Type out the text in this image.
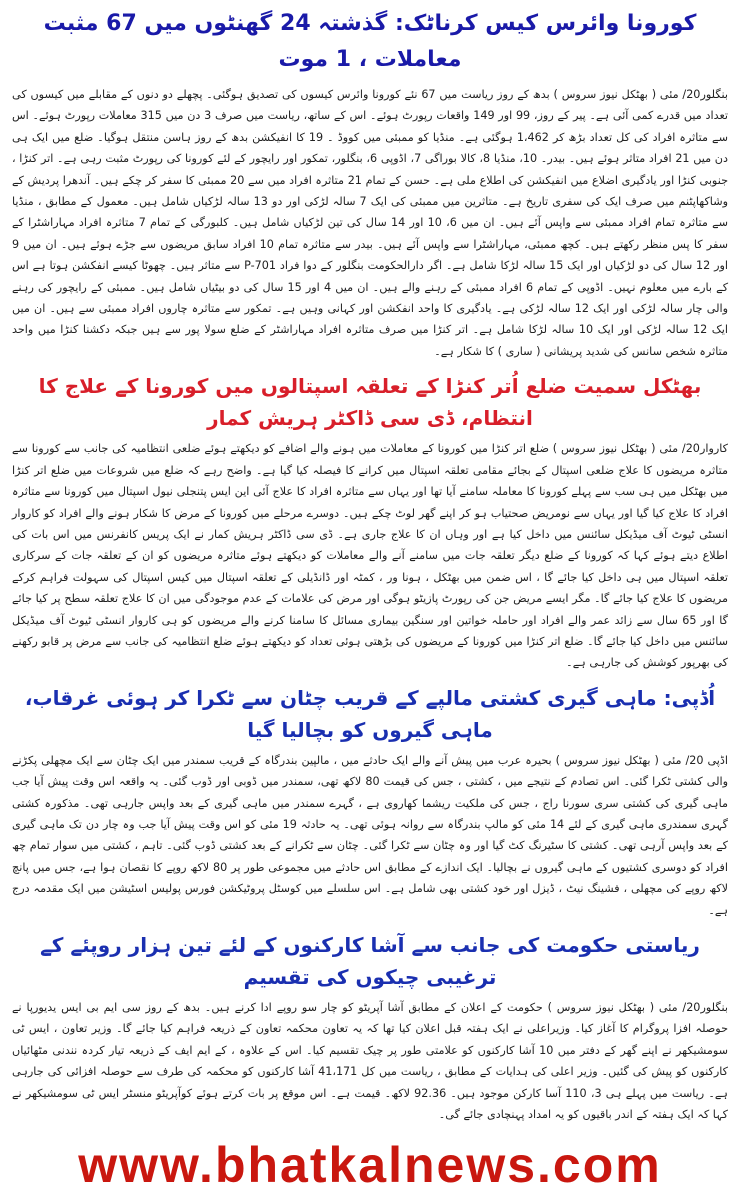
کورونا وائرس کیس کرناٹک: گذشتہ 24 گھنٹوں میں 67 مثبت معاملات ، 1 موت

بنگلور20/ مئی ( بھٹکل نیوز سروس ) بدھ کے روز ریاست میں 67 نئے کورونا وائرس کیسوں کی تصدیق ہوگئی۔ پچھلے دو دنوں کے مقابلے میں کیسوں کی تعداد میں قدرے کمی آئی ہے۔ پیر کے روز، 99 اور 149 واقعات رپورٹ ہوئے۔ اس کے ساتھ، ریاست میں صرف 3 دن میں 315 معاملات رپورٹ ہوئے۔ اس سے متاثرہ افراد کی کل تعداد بڑھ کر 1،462 ہوگئی ہے۔ منڈیا کو ممبئی میں کووڈ ۔ 19 کا انفیکشن بدھ کے روز ہاسن منتقل ہوگیا۔ ضلع میں ایک ہی دن میں 21 افراد متاثر ہوئے ہیں۔ بیدر۔ 10، منڈیا 8، کالا بوراگی 7، اڈوپی 6، بنگلور، تمکور اور رایچور کے لئے کورونا کی رپورٹ مثبت رہی ہے۔ اتر کنڑا ، جنوبی کنڑا اور یادگیری اضلاع میں انفیکشن کی اطلاع ملی ہے۔ حسن کے تمام 21 متاثرہ افراد میں سے 20 ممبئی کا سفر کر چکے ہیں۔ آندھرا پردیش کے وشاکھاپٹنم میں صرف ایک کی سفری تاریخ ہے۔ متاثرین میں ممبئی کی ایک 7 سالہ لڑکی اور دو 13 سالہ لڑکیاں شامل ہیں۔ معمول کے مطابق ، منڈیا سے متاثرہ تمام افراد ممبئی سے واپس آئے ہیں۔ ان میں 6، 10 اور 14 سال کی تین لڑکیاں شامل ہیں۔ کلبورگی کے تمام 7 متاثرہ افراد مہاراشٹرا کے سفر کا پس منظر رکھتے ہیں۔ کچھ ممبئی، مہاراشٹرا سے واپس آئے ہیں۔ بیدر سے متاثرہ تمام 10 افراد سابق مریضوں سے جڑے ہوئے ہیں۔ ان میں 9 اور 12 سال کی دو لڑکیاں اور ایک 15 سالہ لڑکا شامل ہے۔ اگر دارالحکومت بنگلور کے دوا فراد P-701 سے متاثر ہیں۔ چھوٹا کیسے انفکشن ہوتا ہے اس کے بارے میں معلوم نہیں۔ اڈوپی کے تمام 6 افراد ممبئی کے رہنے والے ہیں۔ ان میں 4 اور 15 سال کی دو بیٹیاں شامل ہیں۔ ممبئی کے رایچور کی رہنے والی چار سالہ لڑکی اور ایک 12 سالہ لڑکی ہے۔ یادگیری کا واحد انفکشن اور کہانی وہیں ہے۔ تمکور سے متاثرہ چاروں افراد ممبئی سے ہیں۔ ان میں ایک 12 سالہ لڑکی اور ایک 10 سالہ لڑکا شامل ہے۔ اتر کنڑا میں صرف متاثرہ افراد مہاراشٹر کے ضلع سولا پور سے ہیں جبکہ دکشنا کنڑا میں واحد متاثرہ شخص سانس کی شدید پریشانی ( ساری ) کا شکار ہے۔

بھٹکل سمیت ضلع اُتر کنڑا کے تعلقہ اسپتالوں میں کورونا کے علاج کا انتظام، ڈی سی ڈاکٹر ہریش کمار

کاروار20/ مئی ( بھٹکل نیوز سروس ) ضلع اتر کنڑا میں کورونا کے معاملات میں ہونے والے اضافے کو دیکھتے ہوئے ضلعی انتظامیہ کی جانب سے کورونا سے متاثرہ مریضوں کا علاج ضلعی اسپتال کے بجائے مقامی تعلقہ اسپتال میں کرانے کا فیصلہ کیا گیا ہے۔ واضح رہے کہ ضلع میں شروعات میں ضلع اتر کنڑا میں بھٹکل میں ہی سب سے پہلے کورونا کا معاملہ سامنے آیا تھا اور یہاں سے متاثرہ افراد کا علاج آئی این ایس پتنجلی نیول اسپتال میں کورونا سے متاثرہ افراد کا علاج کیا گیا اور یہاں سے نومریض صحتیاب ہو کر اپنے گھر لوٹ چکے ہیں۔ دوسرے مرحلے میں کورونا کے مرض کا شکار ہونے والے افراد کو کاروار انسٹی ٹیوٹ آف میڈیکل سائنس میں داخل کیا ہے اور وہاں ان کا علاج جاری ہے۔ ڈی سی ڈاکٹر ہریش کمار نے ایک پریس کانفرنس میں اس بات کی اطلاع دیتے ہوئے کہا کہ کورونا کے ضلع دیگر تعلقہ جات میں سامنے آنے والے معاملات کو دیکھتے ہوئے متاثرہ مریضوں کو ان کے تعلقہ جات کے سرکاری تعلقہ اسپتال میں ہی داخل کیا جائے گا ، اس ضمن میں بھٹکل ، ہونا ور ، کمٹہ اور ڈانڈیلی کے تعلقہ اسپتال میں کیس اسپتال کی سہولت فراہم کرکے مریضوں کا علاج کیا جائے گا۔ مگر ایسے مریض جن کی رپورٹ پازیٹو ہوگی اور مرض کی علامات کے عدم موجودگی میں ان کا علاج تعلقہ سطح پر کیا جائے گا اور 65 سال سے زائد عمر والے افراد اور حاملہ خواتین اور سنگین بیماری مسائل کا سامنا کرنے والے مریضوں کو ہی کاروار انسٹی ٹیوٹ آف میڈیکل سائنس میں داخل کیا جائے گا۔ ضلع اتر کنڑا میں کورونا کے مریضوں کی بڑھتی ہوئی تعداد کو دیکھتے ہوئے ضلع انتظامیہ کی جانب سے مرض پر قابو رکھنے کی بھرپور کوشش کی جارہی ہے۔

اُڈپی: ماہی گیری کشتی مالپے کے قریب چٹان سے ٹکرا کر ہوئی غرقاب، ماہی گیروں کو بچالیا گیا

اڈپی 20/ مئی ( بھٹکل نیوز سروس ) بحیرہ عرب میں پیش آنے والے ایک حادثے میں ، مالپین بندرگاہ کے قریب سمندر میں ایک چٹان سے ایک مچھلی پکڑنے والی کشتی ٹکرا گئی۔ اس تصادم کے نتیجے میں ، کشتی ، جس کی قیمت 80 لاکھ تھی، سمندر میں ڈوبی اور ڈوب گئی۔ یہ واقعہ اس وقت پیش آیا جب ماہی گیری کی کشتی سری سورنا راج ، جس کی ملکیت ریشما کھاروی ہے ، گہرے سمندر میں ماہی گیری کے بعد واپس جارہی تھی۔ مذکورہ کشتی گہری سمندری ماہی گیری کے لئے 14 مئی کو مالپ بندرگاہ سے روانہ ہوئی تھی۔ یہ حادثہ 19 مئی کو اس وقت پیش آیا جب وہ چار دن تک ماہی گیری کے بعد واپس آرہی تھی۔ کشتی کا سٹیرنگ کٹ گیا اور وہ چٹان سے ٹکرا گئی۔ چٹان سے ٹکرانے کے بعد کشتی ڈوب گئی۔ تاہم ، کشتی میں سوار تمام چھ افراد کو دوسری کشتیوں کے ماہی گیروں نے بچالیا۔ ایک اندازے کے مطابق اس حادثے میں مجموعی طور پر 80 لاکھ روپے کا نقصان ہوا ہے، جس میں پانچ لاکھ روپے کی مچھلی ، فشینگ نیٹ ، ڈیزل اور خود کشتی بھی شامل ہے۔ اس سلسلے میں کوسٹل پروٹیکشن فورس پولیس اسٹیشن میں ایک مقدمہ درج ہے۔

ریاستی حکومت کی جانب سے آشا کارکنوں کے لئے تین ہزار روپئے کے ترغیبی چیکوں کی تقسیم

بنگلور20/ مئی ( بھٹکل نیوز سروس ) حکومت کے اعلان کے مطابق آشا آپریٹو کو چار سو روپے ادا کرنے ہیں۔ بدھ کے روز سی ایم بی ایس یدیورپا نے حوصلہ افزا پروگرام کا آغاز کیا۔ وزیراعلی نے ایک ہفتہ قبل اعلان کیا تھا کہ یہ تعاون محکمہ تعاون کے ذریعہ فراہم کیا جائے گا۔ وزیر تعاون ، ایس ٹی سومشیکھر نے اپنے گھر کے دفتر میں 10 آشا کارکنوں کو علامتی طور پر چیک تقسیم کیا۔ اس کے علاوہ ، کے ایم ایف کے ذریعہ تیار کردہ نندنی مٹھائیاں کارکنوں کو پیش کی گئیں۔ وزیر اعلی کی ہدایات کے مطابق ، ریاست میں کل 41،171 آشا کارکنوں کو محکمہ کی طرف سے حوصلہ افزائی کی جارہی ہے۔ ریاست میں پہلے ہی 3، 110 آسا کارکن موجود ہیں۔ 92.36 لاکھ۔ قیمت ہے۔ اس موقع پر بات کرتے ہوئے کوآپریٹو منسٹر ایس ٹی سومشیکھر نے کہا کہ ایک ہفتہ کے اندر باقیوں کو یہ امداد پہنچادی جائے گی۔

www.bhatkalnews.com
